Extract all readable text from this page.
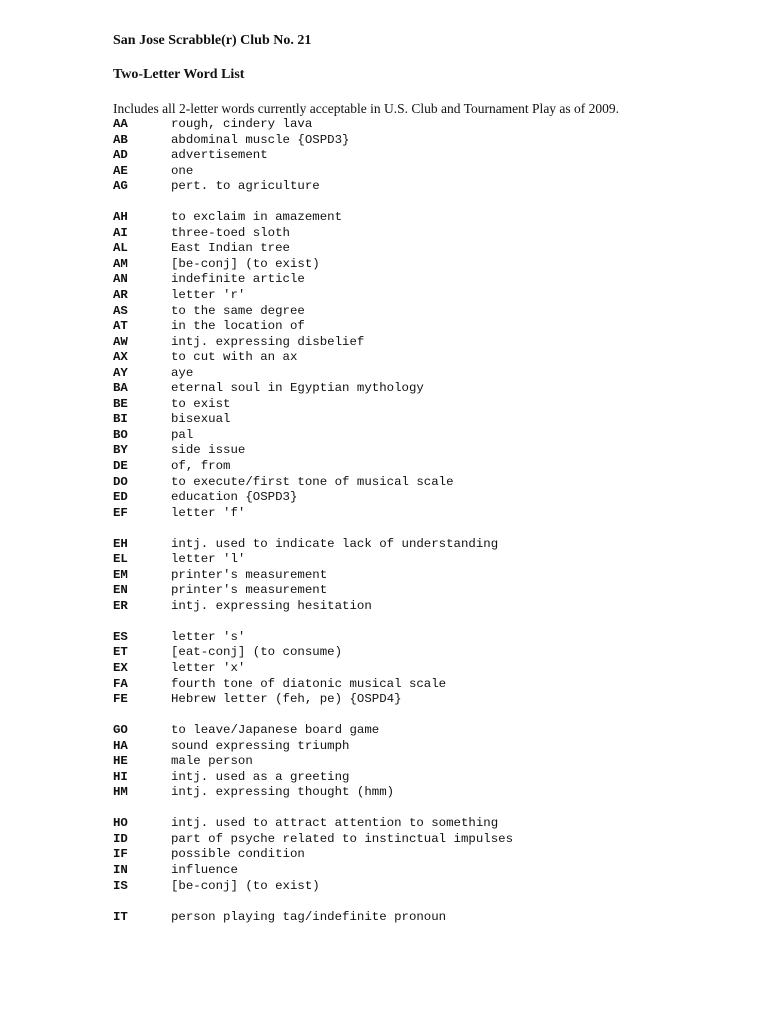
San Jose Scrabble(r) Club No. 21
Two-Letter Word List
Includes all 2-letter words currently acceptable in U.S. Club and Tournament Play as of 2009.
AA	rough, cindery lava
AB	abdominal muscle {OSPD3}
AD	advertisement
AE	one
AG	pert. to agriculture
AH	to exclaim in amazement
AI	three-toed sloth
AL	East Indian tree
AM	[be-conj] (to exist)
AN	indefinite article
AR	letter 'r'
AS	to the same degree
AT	in the location of
AW	intj. expressing disbelief
AX	to cut with an ax
AY	aye
BA	eternal soul in Egyptian mythology
BE	to exist
BI	bisexual
BO	pal
BY	side issue
DE	of, from
DO	to execute/first tone of musical scale
ED	education {OSPD3}
EF	letter 'f'
EH	intj. used to indicate lack of understanding
EL	letter 'l'
EM	printer's measurement
EN	printer's measurement
ER	intj. expressing hesitation
ES	letter 's'
ET	[eat-conj] (to consume)
EX	letter 'x'
FA	fourth tone of diatonic musical scale
FE	Hebrew letter (feh, pe) {OSPD4}
GO	to leave/Japanese board game
HA	sound expressing triumph
HE	male person
HI	intj. used as a greeting
HM	intj. expressing thought (hmm)
HO	intj. used to attract attention to something
ID	part of psyche related to instinctual impulses
IF	possible condition
IN	influence
IS	[be-conj] (to exist)
IT	person playing tag/indefinite pronoun
